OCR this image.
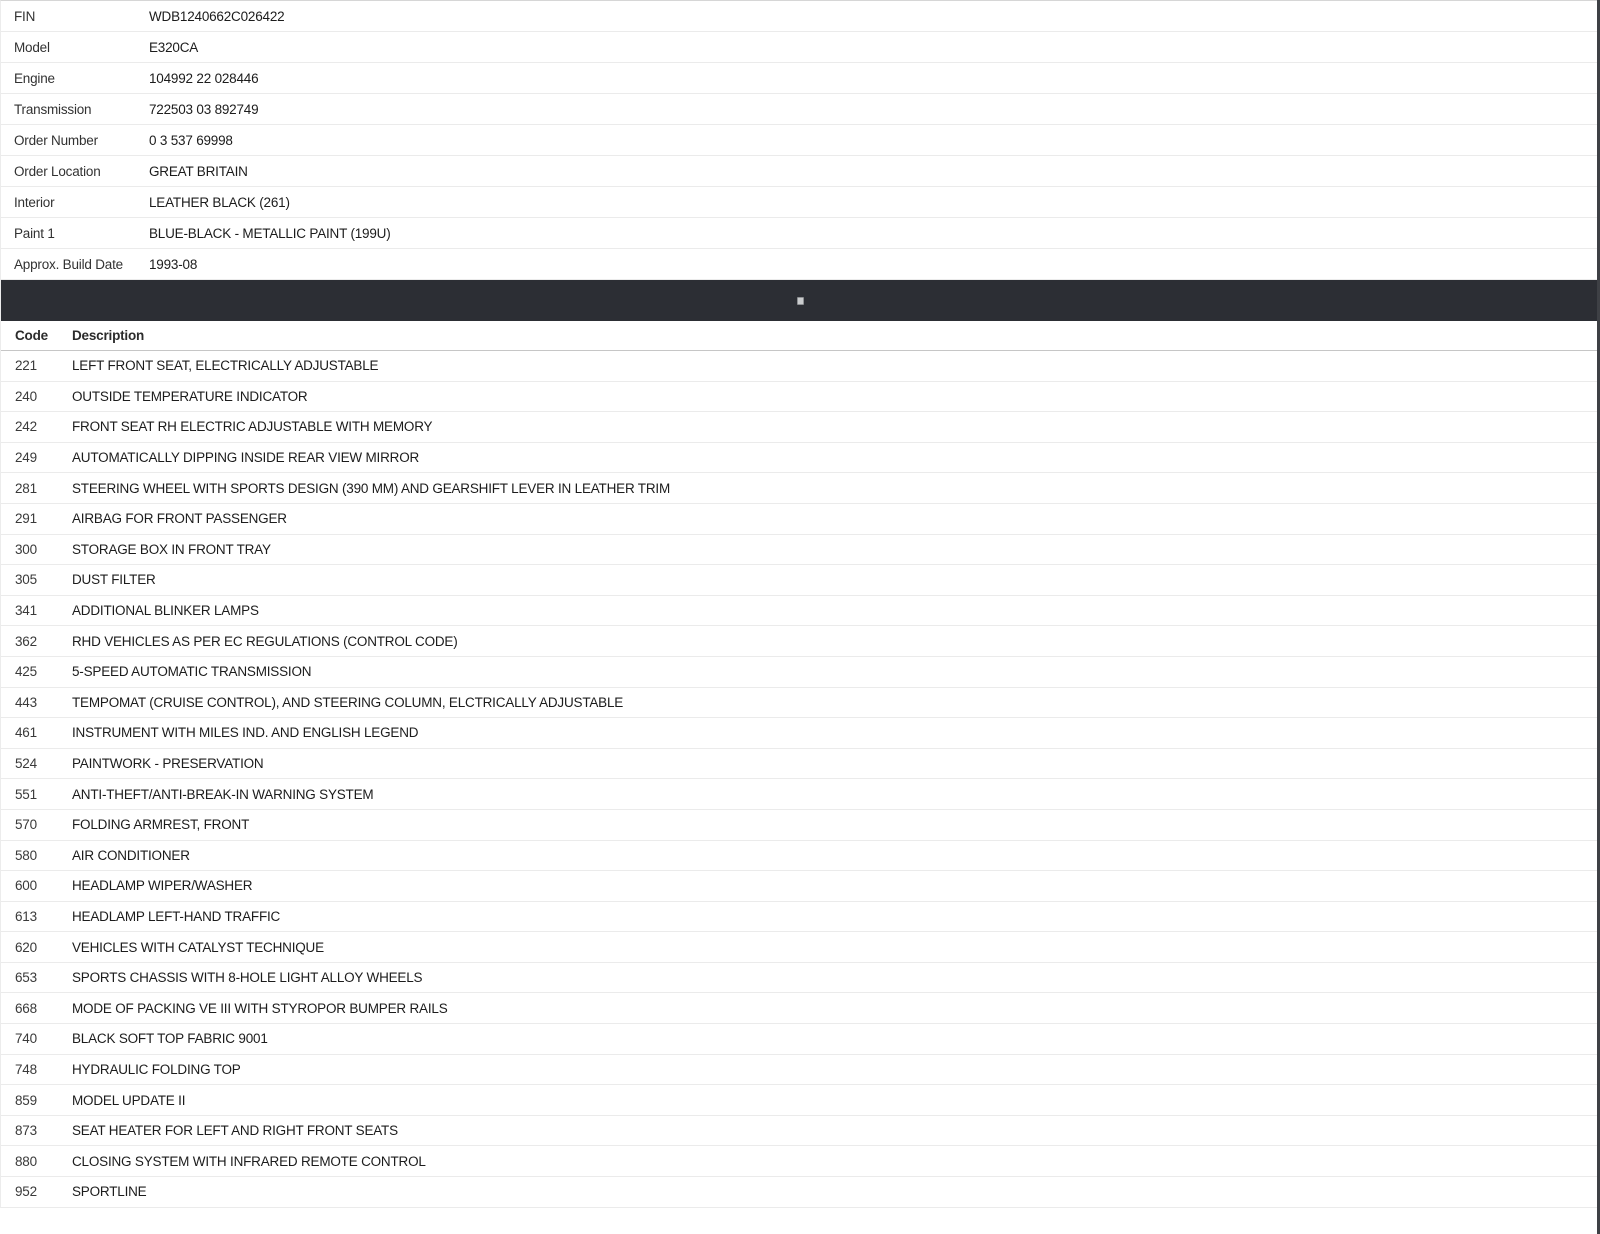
FIN	WDB1240662C026422
Model	E320CA
Engine	104992 22 028446
Transmission	722503 03 892749
Order Number	0 3 537 69998
Order Location	GREAT BRITAIN
Interior	LEATHER BLACK (261)
Paint 1	BLUE-BLACK - METALLIC PAINT (199U)
Approx. Build Date	1993-08
Code	Description
221	LEFT FRONT SEAT, ELECTRICALLY ADJUSTABLE
240	OUTSIDE TEMPERATURE INDICATOR
242	FRONT SEAT RH ELECTRIC ADJUSTABLE WITH MEMORY
249	AUTOMATICALLY DIPPING INSIDE REAR VIEW MIRROR
281	STEERING WHEEL WITH SPORTS DESIGN (390 MM) AND GEARSHIFT LEVER IN LEATHER TRIM
291	AIRBAG FOR FRONT PASSENGER
300	STORAGE BOX IN FRONT TRAY
305	DUST FILTER
341	ADDITIONAL BLINKER LAMPS
362	RHD VEHICLES AS PER EC REGULATIONS (CONTROL CODE)
425	5-SPEED AUTOMATIC TRANSMISSION
443	TEMPOMAT (CRUISE CONTROL), AND STEERING COLUMN, ELCTRICALLY ADJUSTABLE
461	INSTRUMENT WITH MILES IND. AND ENGLISH LEGEND
524	PAINTWORK - PRESERVATION
551	ANTI-THEFT/ANTI-BREAK-IN WARNING SYSTEM
570	FOLDING ARMREST, FRONT
580	AIR CONDITIONER
600	HEADLAMP WIPER/WASHER
613	HEADLAMP LEFT-HAND TRAFFIC
620	VEHICLES WITH CATALYST TECHNIQUE
653	SPORTS CHASSIS WITH 8-HOLE LIGHT ALLOY WHEELS
668	MODE OF PACKING VE III WITH STYROPOR BUMPER RAILS
740	BLACK SOFT TOP FABRIC 9001
748	HYDRAULIC FOLDING TOP
859	MODEL UPDATE II
873	SEAT HEATER FOR LEFT AND RIGHT FRONT SEATS
880	CLOSING SYSTEM WITH INFRARED REMOTE CONTROL
952	SPORTLINE
